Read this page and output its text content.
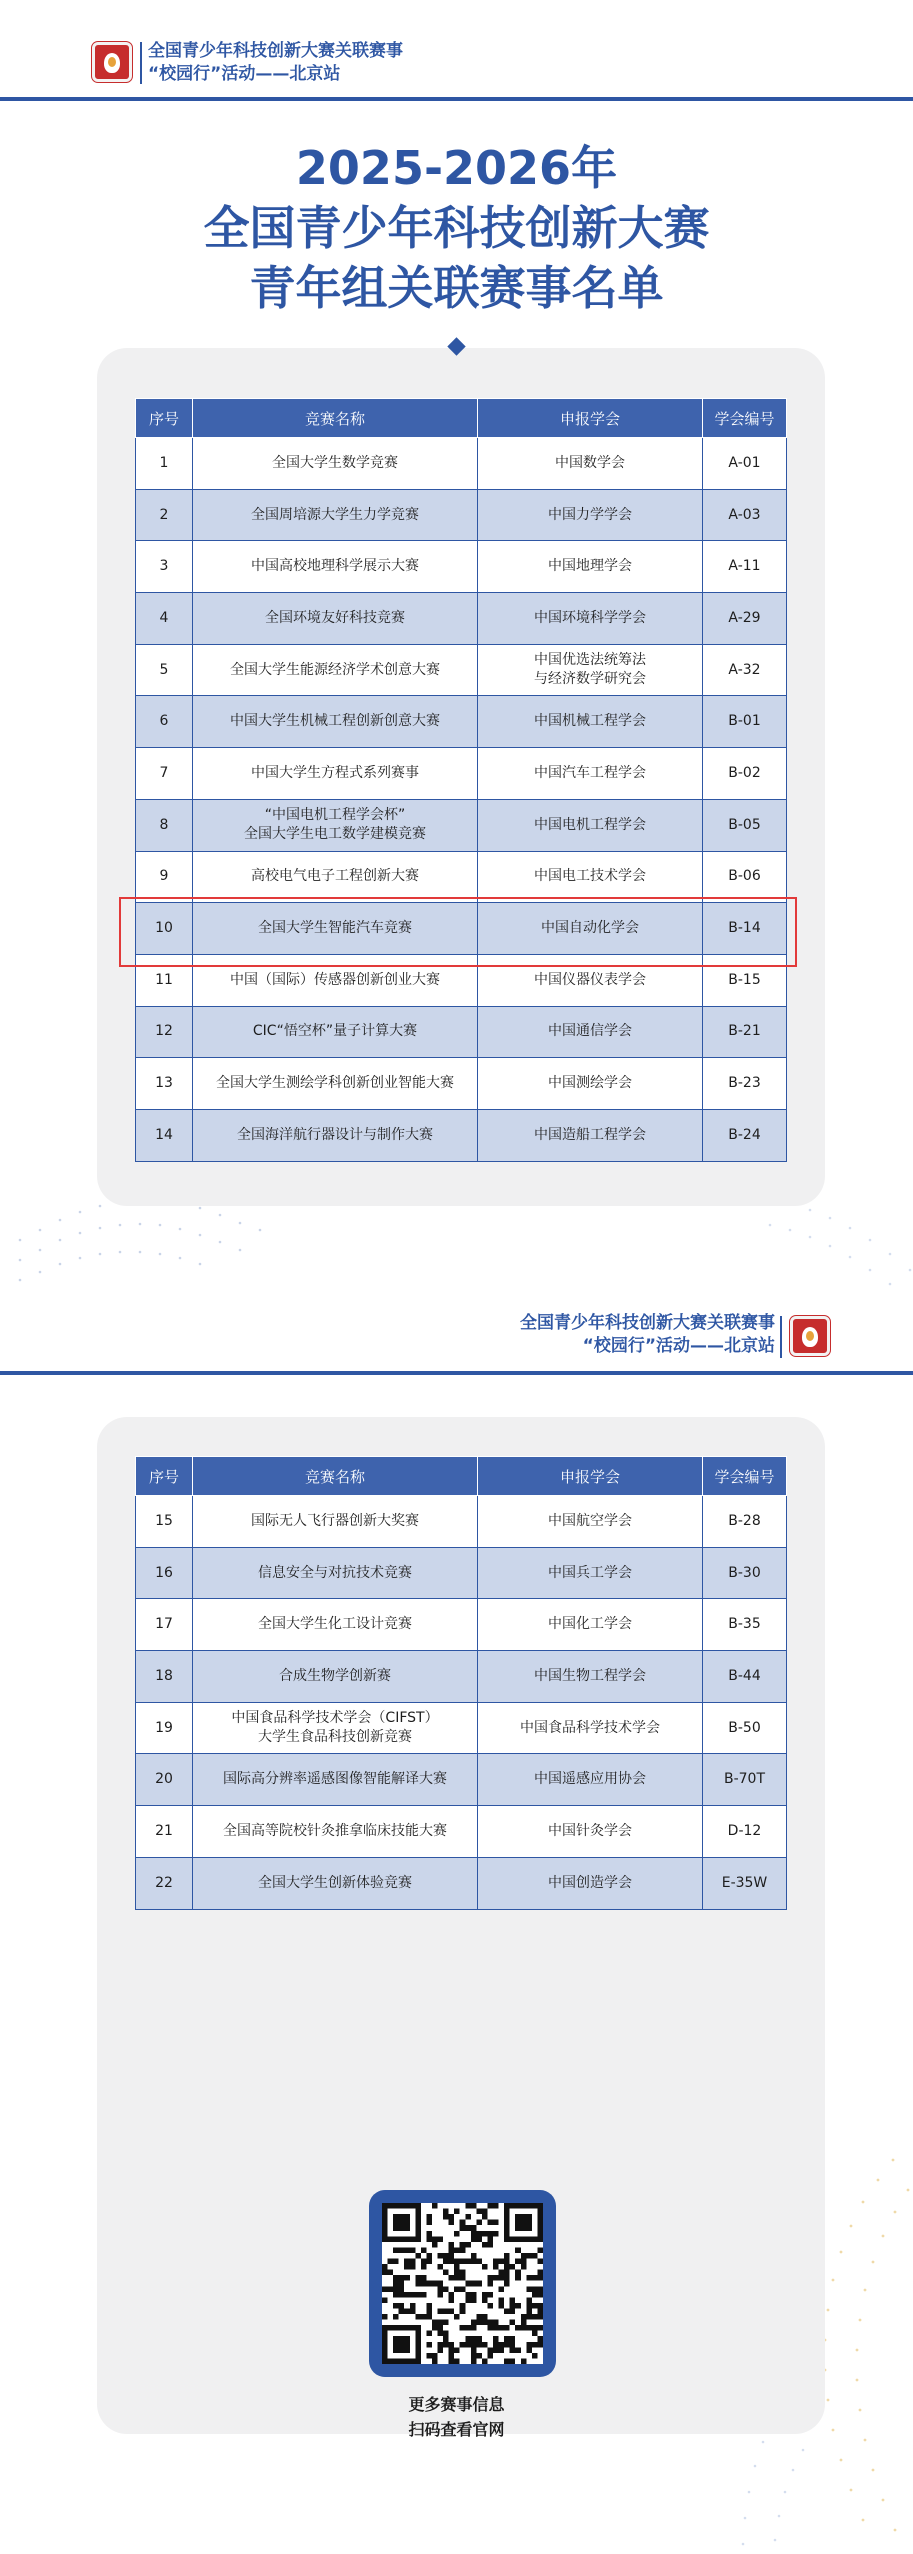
全国青少年科技创新大赛关联赛事
“校园行”活动——北京站
2025-2026年
全国青少年科技创新大赛
青年组关联赛事名单
序号	竞赛名称	申报学会	学会编号

1	全国大学生数学竞赛	中国数学会	A-01

2	全国周培源大学生力学竞赛	中国力学学会	A-03

3	中国高校地理科学展示大赛	中国地理学会	A-11

4	全国环境友好科技竞赛	中国环境科学学会	A-29

5	全国大学生能源经济学术创意大赛	中国优选法统筹法
与经济数学研究会	A-32

6	中国大学生机械工程创新创意大赛	中国机械工程学会	B-01

7	中国大学生方程式系列赛事	中国汽车工程学会	B-02

8	“中国电机工程学会杯”
全国大学生电工数学建模竞赛	中国电机工程学会	B-05

9	高校电气电子工程创新大赛	中国电工技术学会	B-06

10	全国大学生智能汽车竞赛	中国自动化学会	B-14

11	中国（国际）传感器创新创业大赛	中国仪器仪表学会	B-15

12	CIC“悟空杯”量子计算大赛	中国通信学会	B-21

13	全国大学生测绘学科创新创业智能大赛	中国测绘学会	B-23

14	全国海洋航行器设计与制作大赛	中国造船工程学会	B-24
全国青少年科技创新大赛关联赛事
“校园行”活动——北京站
序号	竞赛名称	申报学会	学会编号

15	国际无人飞行器创新大奖赛	中国航空学会	B-28

16	信息安全与对抗技术竞赛	中国兵工学会	B-30

17	全国大学生化工设计竞赛	中国化工学会	B-35

18	合成生物学创新赛	中国生物工程学会	B-44

19	中国食品科学技术学会（CIFST）
大学生食品科技创新竞赛	中国食品科学技术学会	B-50

20	国际高分辨率遥感图像智能解译大赛	中国遥感应用协会	B-70T

21	全国高等院校针灸推拿临床技能大赛	中国针灸学会	D-12

22	全国大学生创新体验竞赛	中国创造学会	E-35W
更多赛事信息
扫码查看官网
